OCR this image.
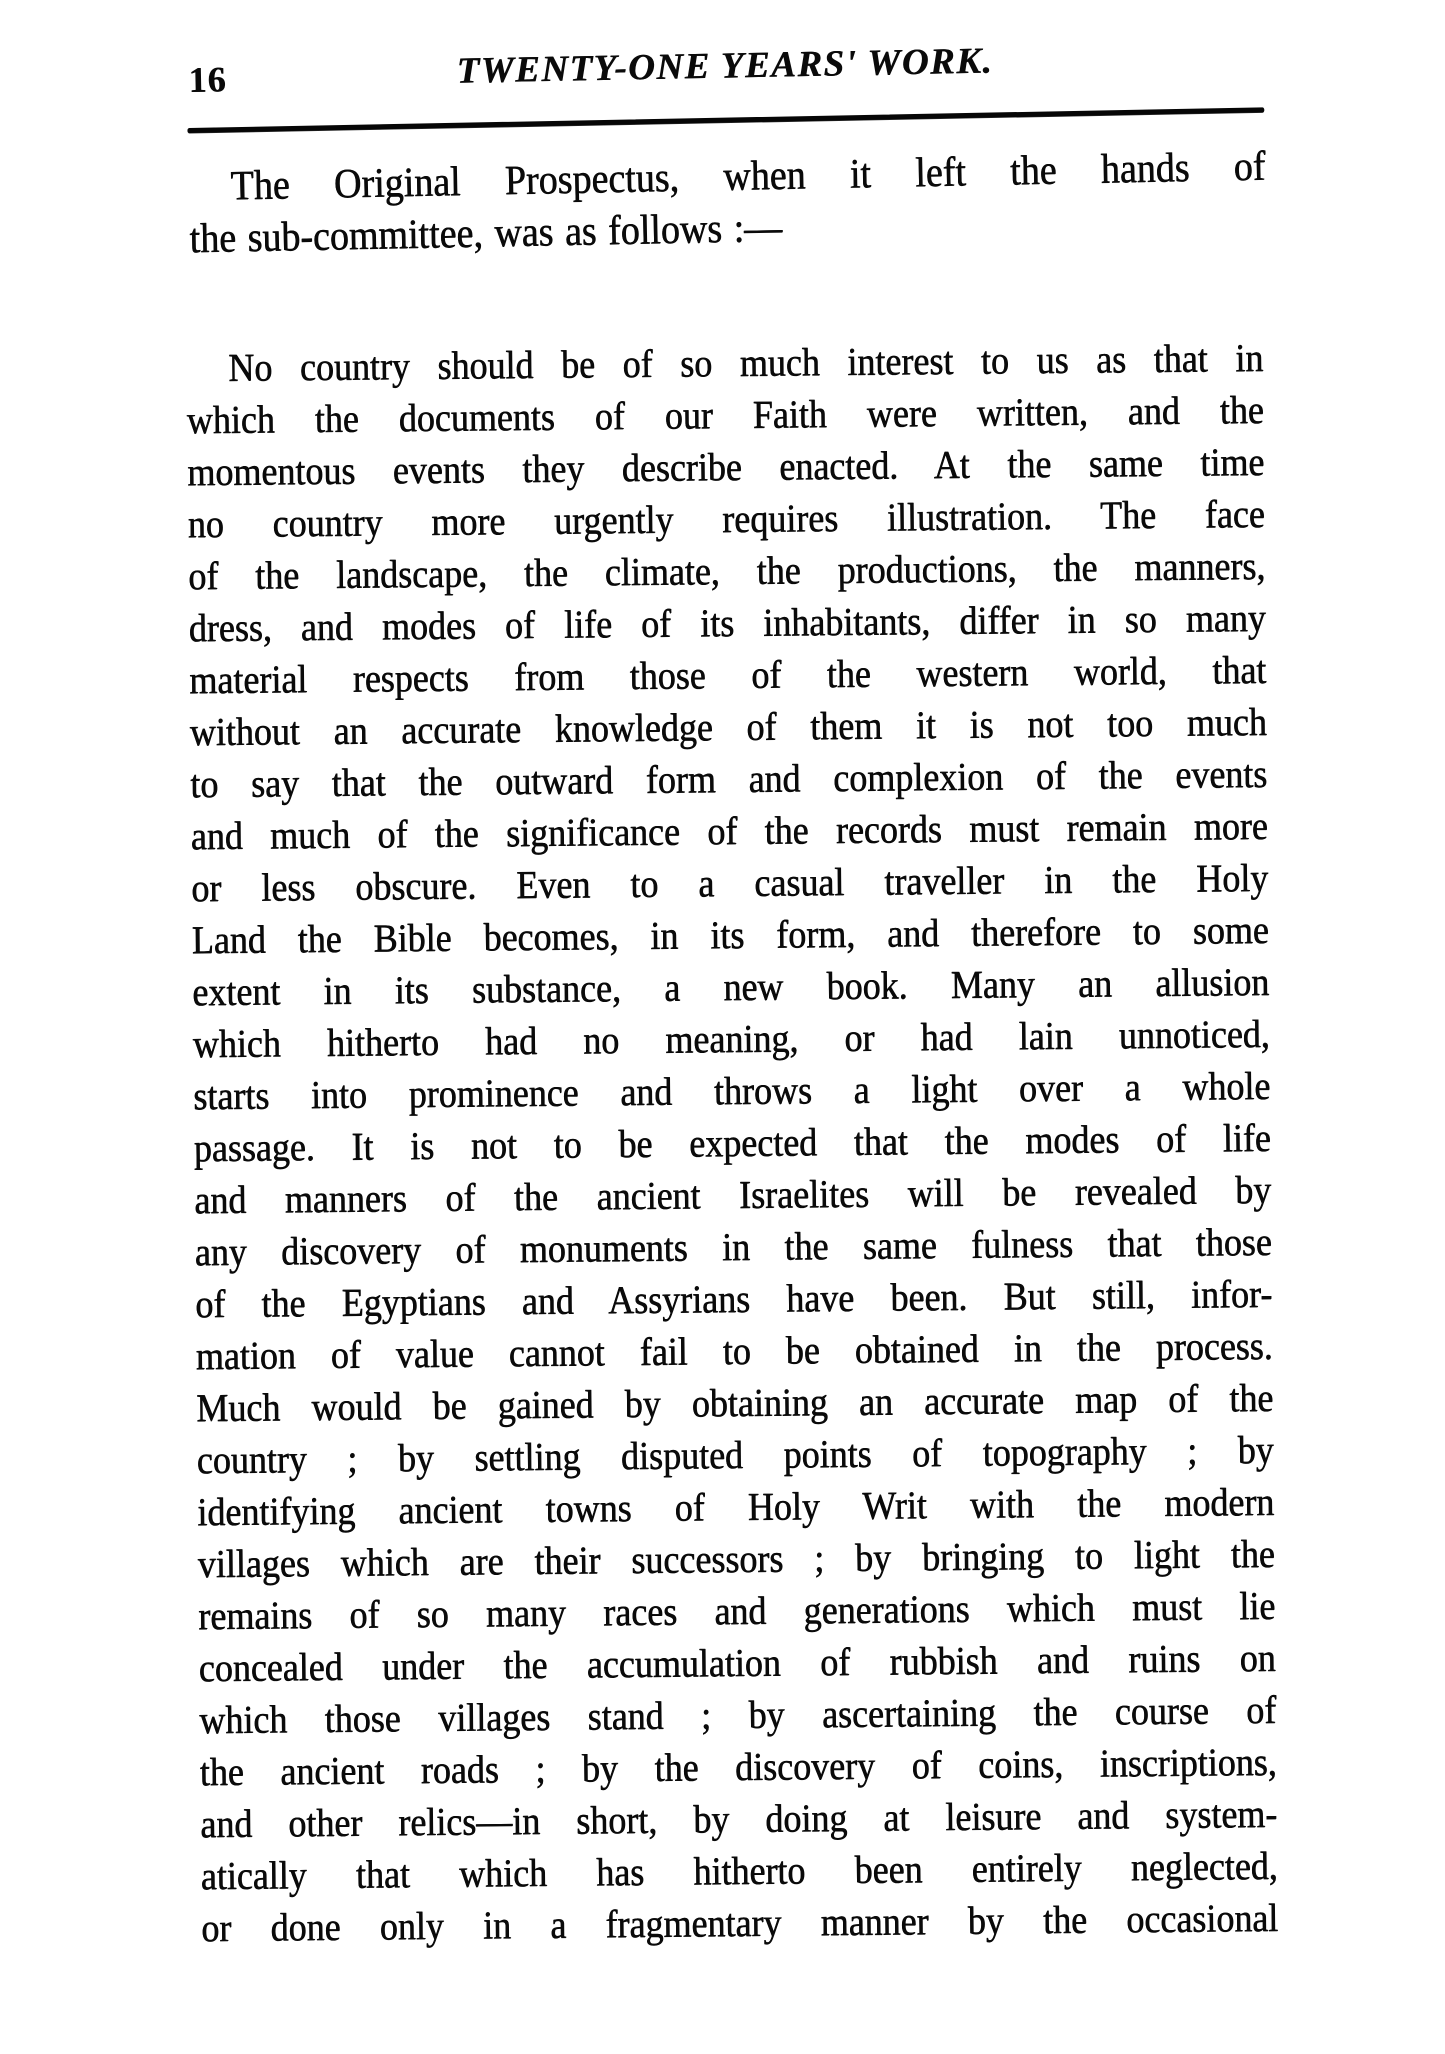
16	TWENTY-ONE YEARS' WORK.
The Original Prospectus, when it left the hands of
the sub-committee, was as follows :—
No country should be of so much interest to us as that in
which the documents of our Faith were written, and the
momentous events they describe enacted. At the same time
no country more urgently requires illustration. The face
of the landscape, the climate, the productions, the manners,
dress, and modes of life of its inhabitants, differ in so many
material respects from those of the western world, that
without an accurate knowledge of them it is not too much
to say that the outward form and complexion of the events
and much of the significance of the records must remain more
or less obscure. Even to a casual traveller in the Holy
Land the Bible becomes, in its form, and therefore to some
extent in its substance, a new book. Many an allusion
which hitherto had no meaning, or had lain unnoticed,
starts into prominence and throws a light over a whole
passage. It is not to be expected that the modes of life
and manners of the ancient Israelites will be revealed by
any discovery of monuments in the same fulness that those
of the Egyptians and Assyrians have been. But still, infor-
mation of value cannot fail to be obtained in the process.
Much would be gained by obtaining an accurate map of the
country ; by settling disputed points of topography ; by
identifying ancient towns of Holy Writ with the modern
villages which are their successors ; by bringing to light the
remains of so many races and generations which must lie
concealed under the accumulation of rubbish and ruins on
which those villages stand ; by ascertaining the course of
the ancient roads ; by the discovery of coins, inscriptions,
and other relics—in short, by doing at leisure and system-
atically that which has hitherto been entirely neglected,
or done only in a fragmentary manner by the occasional
